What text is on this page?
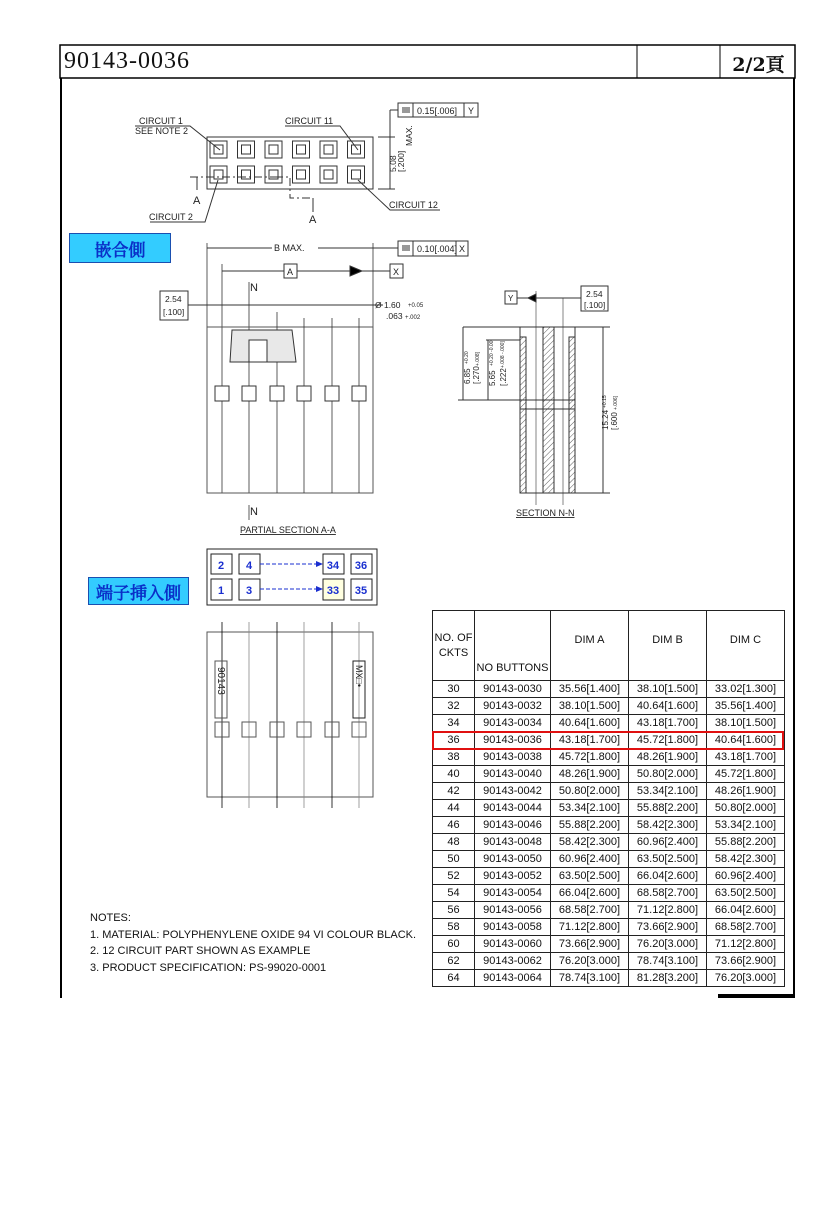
CIRCUIT 1
SEE NOTE 2
CIRCUIT 11
CIRCUIT 2
CIRCUIT 12
A
A
0.15[.006] Y
5.08
[.200]
MAX.
B MAX.	0.10[.004] X
A	X
N
N
2.54
[.100]
Ø 1.60 +0.05
.063 +.002
PARTIAL SECTION A-A
Y	2.54
[.100]
6.85
+0.20
[.270
+.008]
5.65
+0.20 -0.00
[.222
+.008 -.000]
15.24
+0.15
[.600
+.006]
SECTION N-N
2 4	34 36
1 3	33 35
90143	MX□•
90143-0036	2/2頁
嵌合側
端子挿入側
NO. OF CKTS	NO BUTTONS	DIM A	DIM B	DIM C
30	90143-0030	35.56[1.400]	38.10[1.500]	33.02[1.300]
32	90143-0032	38.10[1.500]	40.64[1.600]	35.56[1.400]
34	90143-0034	40.64[1.600]	43.18[1.700]	38.10[1.500]
36	90143-0036	43.18[1.700]	45.72[1.800]	40.64[1.600]
38	90143-0038	45.72[1.800]	48.26[1.900]	43.18[1.700]
40	90143-0040	48.26[1.900]	50.80[2.000]	45.72[1.800]
42	90143-0042	50.80[2.000]	53.34[2.100]	48.26[1.900]
44	90143-0044	53.34[2.100]	55.88[2.200]	50.80[2.000]
46	90143-0046	55.88[2.200]	58.42[2.300]	53.34[2.100]
48	90143-0048	58.42[2.300]	60.96[2.400]	55.88[2.200]
50	90143-0050	60.96[2.400]	63.50[2.500]	58.42[2.300]
52	90143-0052	63.50[2.500]	66.04[2.600]	60.96[2.400]
54	90143-0054	66.04[2.600]	68.58[2.700]	63.50[2.500]
56	90143-0056	68.58[2.700]	71.12[2.800]	66.04[2.600]
58	90143-0058	71.12[2.800]	73.66[2.900]	68.58[2.700]
60	90143-0060	73.66[2.900]	76.20[3.000]	71.12[2.800]
62	90143-0062	76.20[3.000]	78.74[3.100]	73.66[2.900]
64	90143-0064	78.74[3.100]	81.28[3.200]	76.20[3.000]
NOTES:
1. MATERIAL: POLYPHENYLENE OXIDE 94 VI COLOUR BLACK.
2. 12 CIRCUIT PART SHOWN AS EXAMPLE
3. PRODUCT SPECIFICATION: PS-99020-0001
